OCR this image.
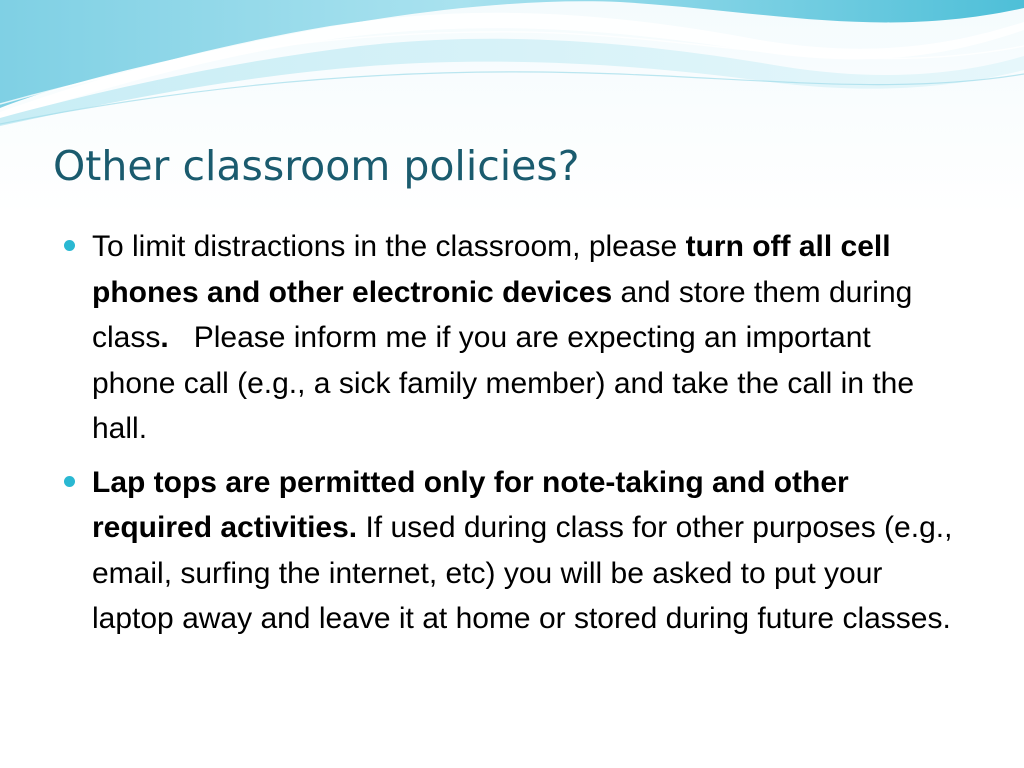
Other classroom policies?
To limit distractions in the classroom, please turn off all cell phones and other electronic devices and store them during class.   Please inform me if you are expecting an important phone call (e.g., a sick family member) and take the call in the hall.
Lap tops are permitted only for note-taking and other required activities. If used during class for other purposes (e.g., email, surfing the internet, etc) you will be asked to put your laptop away and leave it at home or stored during future classes.
